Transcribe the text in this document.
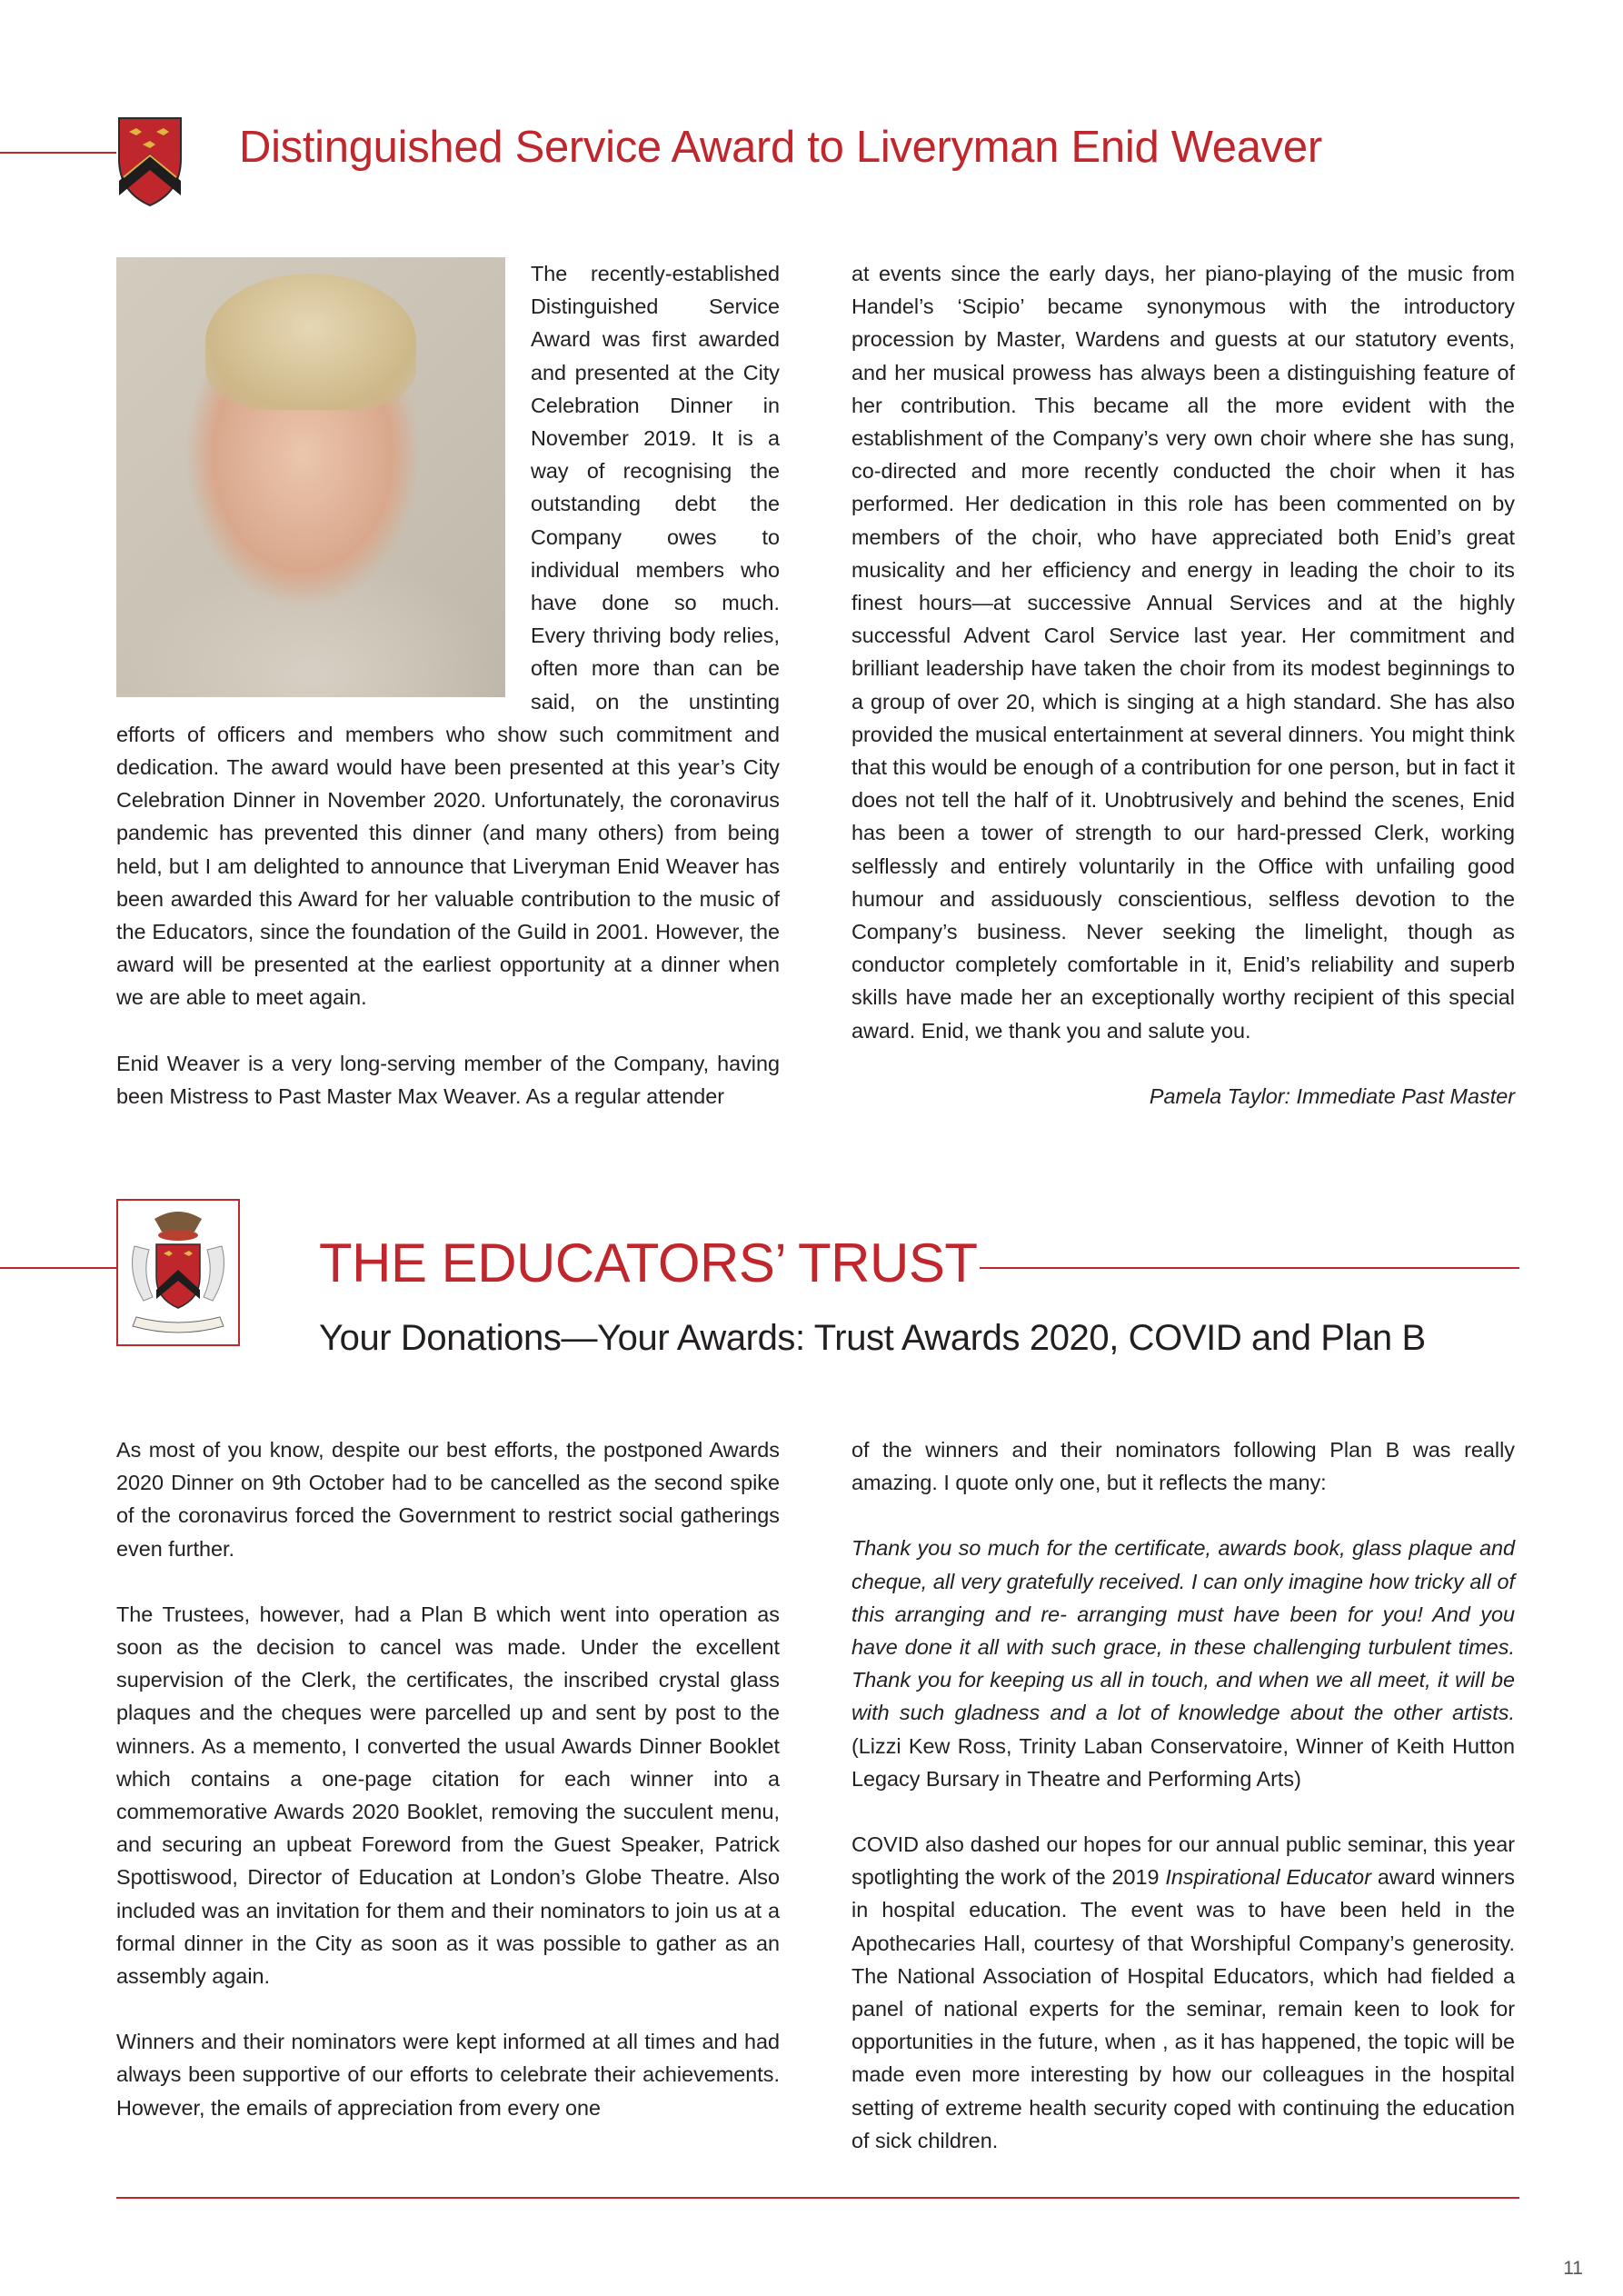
Distinguished Service Award to Liveryman Enid Weaver

The recently-established Distinguished Service Award was first awarded and presented at the City Celebration Dinner in November 2019. It is a way of recognising the outstanding debt the Company owes to individual members who have done so much. Every thriving body relies, often more than can be said, on the unstinting efforts of officers and members who show such commitment and dedication. The award would have been presented at this year’s City Celebration Dinner in November 2020. Unfortunately, the coronavirus pandemic has prevented this dinner (and many others) from being held, but I am delighted to announce that Liveryman Enid Weaver has been awarded this Award for her valuable contribution to the music of the Educators, since the foundation of the Guild in 2001. However, the award will be presented at the earliest opportunity at a dinner when we are able to meet again.

Enid Weaver is a very long-serving member of the Company, having been Mistress to Past Master Max Weaver. As a regular attender

at events since the early days, her piano-playing of the music from Handel’s ‘Scipio’ became synonymous with the introductory procession by Master, Wardens and guests at our statutory events, and her musical prowess has always been a distinguishing feature of her contribution. This became all the more evident with the establishment of the Company’s very own choir where she has sung, co-directed and more recently conducted the choir when it has performed. Her dedication in this role has been commented on by members of the choir, who have appreciated both Enid’s great musicality and her efficiency and energy in leading the choir to its finest hours—at successive Annual Services and at the highly successful Advent Carol Service last year. Her commitment and brilliant leadership have taken the choir from its modest beginnings to a group of over 20, which is singing at a high standard. She has also provided the musical entertainment at several dinners. You might think that this would be enough of a contribution for one person, but in fact it does not tell the half of it. Unobtrusively and behind the scenes, Enid has been a tower of strength to our hard-pressed Clerk, working selflessly and entirely voluntarily in the Office with unfailing good humour and assiduously conscientious, selfless devotion to the Company’s business. Never seeking the limelight, though as conductor completely comfortable in it, Enid’s reliability and superb skills have made her an exceptionally worthy recipient of this special award. Enid, we thank you and salute you.

Pamela Taylor: Immediate Past Master

THE EDUCATORS’ TRUST
Your Donations—Your Awards: Trust Awards 2020, COVID and Plan B

As most of you know, despite our best efforts, the postponed Awards 2020 Dinner on 9th October had to be cancelled as the second spike of the coronavirus forced the Government to restrict social gatherings even further.

The Trustees, however, had a Plan B which went into operation as soon as the decision to cancel was made. Under the excellent supervision of the Clerk, the certificates, the inscribed crystal glass plaques and the cheques were parcelled up and sent by post to the winners. As a memento, I converted the usual Awards Dinner Booklet which contains a one-page citation for each winner into a commemorative Awards 2020 Booklet, removing the succulent menu, and securing an upbeat Foreword from the Guest Speaker, Patrick Spottiswood, Director of Education at London’s Globe Theatre. Also included was an invitation for them and their nominators to join us at a formal dinner in the City as soon as it was possible to gather as an assembly again.

Winners and their nominators were kept informed at all times and had always been supportive of our efforts to celebrate their achievements. However, the emails of appreciation from every one

of the winners and their nominators following Plan B was really amazing. I quote only one, but it reflects the many:

Thank you so much for the certificate, awards book, glass plaque and cheque, all very gratefully received. I can only imagine how tricky all of this arranging and re- arranging must have been for you! And you have done it all with such grace, in these challenging turbulent times. Thank you for keeping us all in touch, and when we all meet, it will be with such gladness and a lot of knowledge about the other artists. (Lizzi Kew Ross, Trinity Laban Conservatoire, Winner of Keith Hutton Legacy Bursary in Theatre and Performing Arts)

COVID also dashed our hopes for our annual public seminar, this year spotlighting the work of the 2019 Inspirational Educator award winners in hospital education. The event was to have been held in the Apothecaries Hall, courtesy of that Worshipful Company’s generosity. The National Association of Hospital Educators, which had fielded a panel of national experts for the seminar, remain keen to look for opportunities in the future, when , as it has happened, the topic will be made even more interesting by how our colleagues in the hospital setting of extreme health security coped with continuing the education of sick children.

11
